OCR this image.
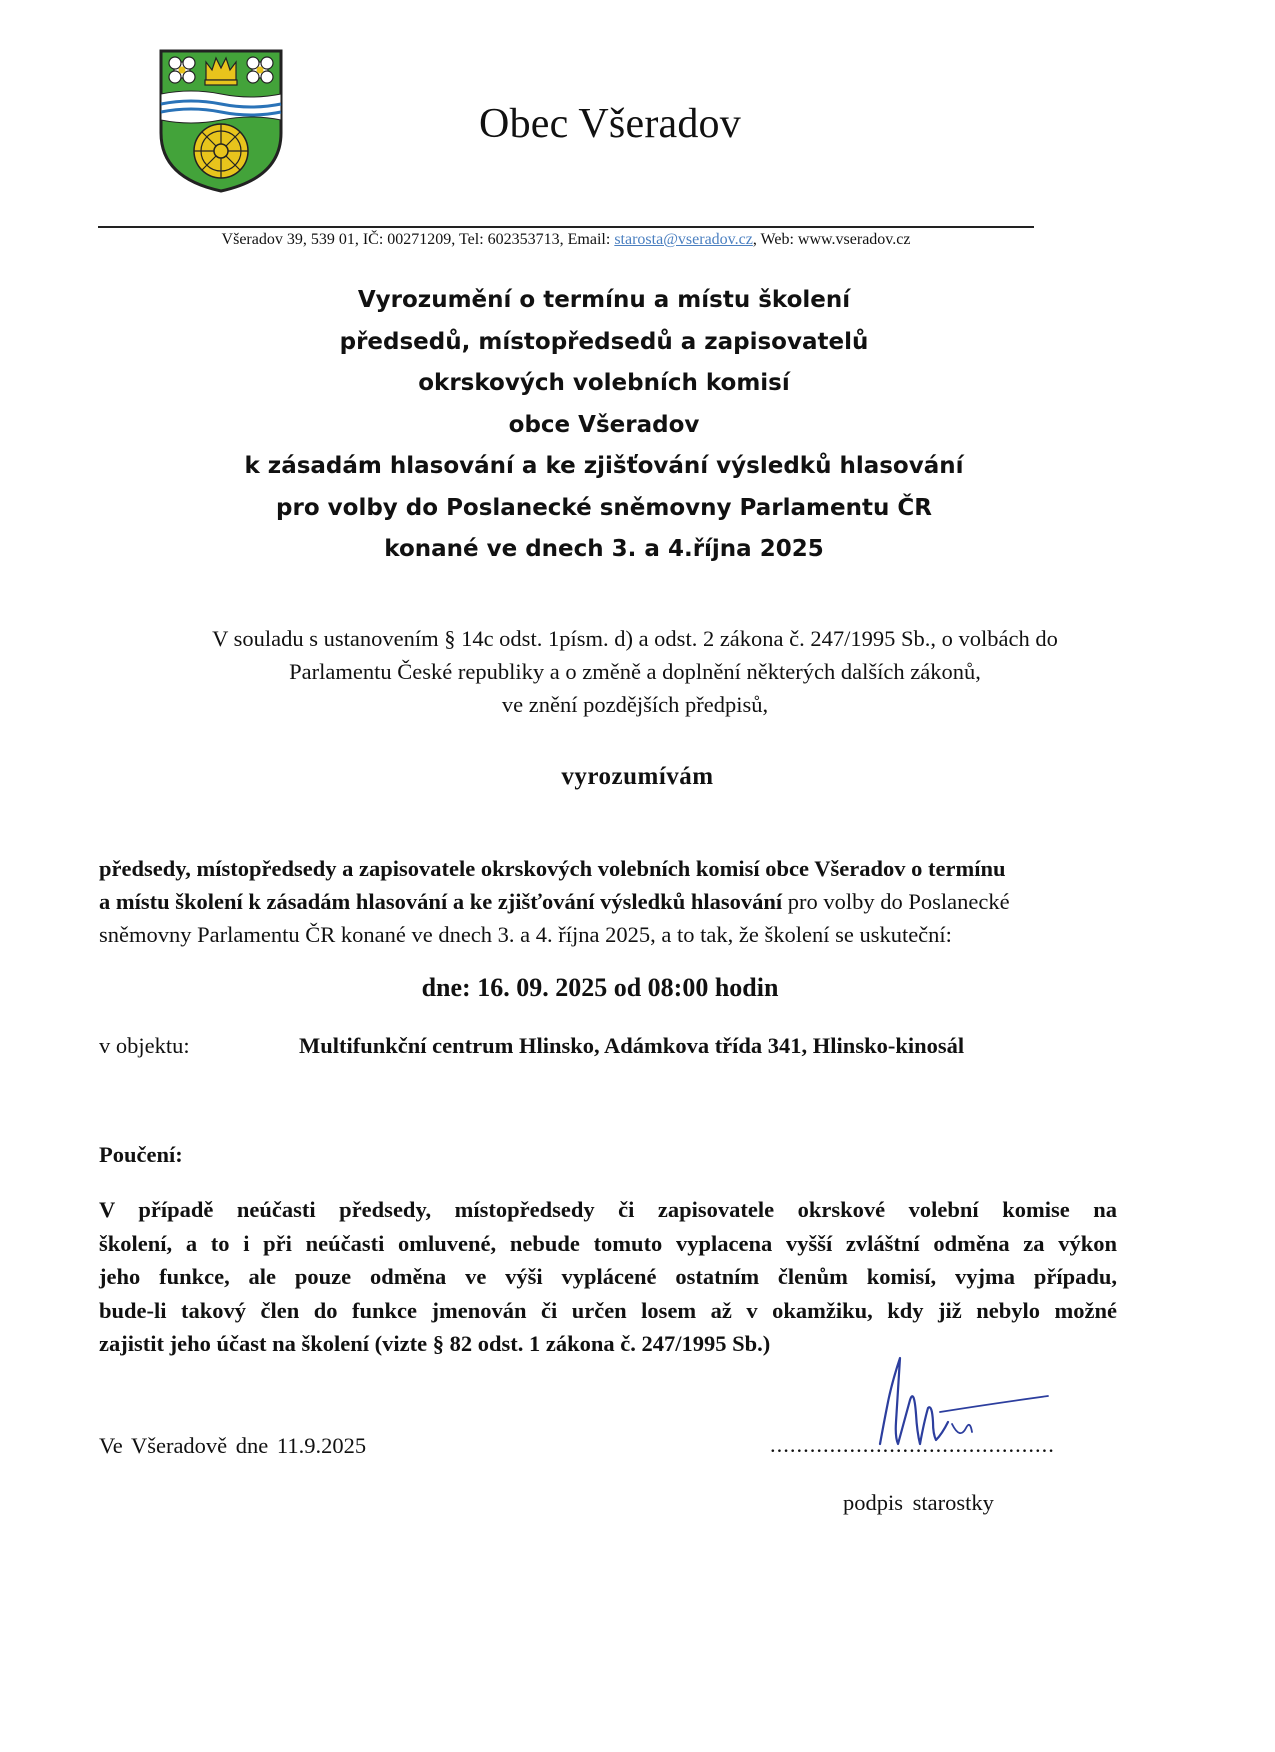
Obec Všeradov
Všeradov 39, 539 01, IČ: 00271209, Tel: 602353713, Email: starosta@vseradov.cz, Web: www.vseradov.cz
Vyrozumění o termínu a místu školení
předsedů, místopředsedů a zapisovatelů
okrskových volebních komisí
obce Všeradov
k zásadám hlasování a ke zjišťování výsledků hlasování
pro volby do Poslanecké sněmovny Parlamentu ČR
konané ve dnech 3. a 4.října 2025
V souladu s ustanovením § 14c odst. 1písm. d) a odst. 2 zákona č. 247/1995 Sb., o volbách do
Parlamentu České republiky a o změně a doplnění některých dalších zákonů,
ve znění pozdějších předpisů,
vyrozumívám
předsedy, místopředsedy a zapisovatele okrskových volebních komisí obce Všeradov o termínu
a místu školení k zásadám hlasování a ke zjišťování výsledků hlasování pro volby do Poslanecké
sněmovny Parlamentu ČR konané ve dnech 3. a 4. října 2025, a to tak, že školení se uskuteční:
dne: 16. 09. 2025 od 08:00 hodin
v objektu:	Multifunkční centrum Hlinsko, Adámkova třída 341, Hlinsko-kinosál
Poučení:
V případě neúčasti předsedy, místopředsedy či zapisovatele okrskové volební komise na
školení, a to i při neúčasti omluvené, nebude tomuto vyplacena vyšší zvláštní odměna za výkon
jeho funkce, ale pouze odměna ve výši vyplácené ostatním členům komisí, vyjma případu,
bude-li takový člen do funkce jmenován či určen losem až v okamžiku, kdy již nebylo možné
zajistit jeho účast na školení (vizte § 82 odst. 1 zákona č. 247/1995 Sb.)
Ve Všeradově dne 11.9.2025	...........................................
podpis starostky
